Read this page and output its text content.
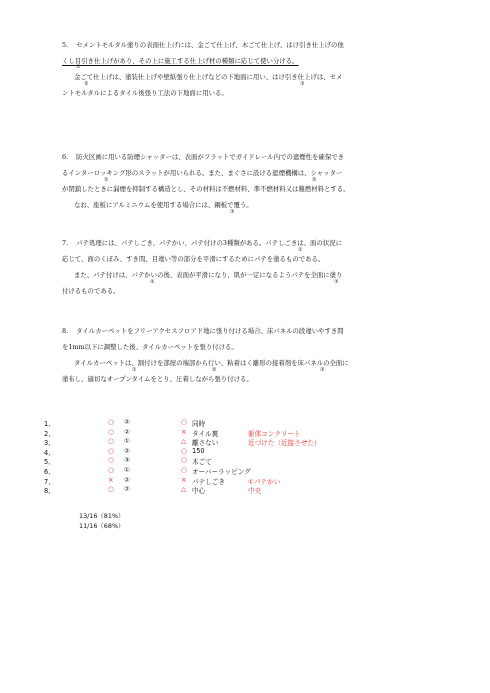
5. セメントモルタル塗りの表面仕上げには、金ごて仕上げ、木ごて仕上げ、はけ引き仕上げの他
くし目引き仕上げがあり、その上に施工する仕上げ材の種類に応じて使い分ける。
①
金ごて仕上げは、塗装仕上げや壁紙張り仕上げなどの下地面に用い、はけ引き仕上げは、セメ
②	③
ントモルタルによるタイル後張り工法の下地面に用いる。
6. 防火区画に用いる防煙シャッターは、表面がフラットでガイドレール内での遮煙性を確保でき
るインターロッキング形のスラットが用いられる。また、まぐさに設ける遮煙機構は、シャッター
①	②
が閉鎖したときに漏煙を抑制する構造とし、その材料は不燃材料、準不燃材料又は難燃材料とする。
なお、座板にアルミニウムを使用する場合には、鋼板で覆う。
③
7. パテ処理には、パテしごき、パテかい、パテ付けの3種類がある。パテしごきは、面の状況に
①
応じて、面のくぼみ、すき間、目違い等の部分を平滑にするためにパテを塗るものである。
また、パテ付けは、パテかいの後、表面が平滑になり、肌が一定になるようパテを全面に塗り
②	③
付けるものである。
8. タイルカーペットをフリーアクセスフロアド地に張り付ける場合、床パネルの段違いやすき間
を1mm以下に調整した後、タイルカーペットを張り付ける。
タイルカーペットは、割付けを部屋の端部から行い、粘着はく離形の接着剤を床パネルの全面に
①	②	③
塗布し、適切なオープンタイムをとり、圧着しながら張り付ける。
1、	○ ②	○ 同時
2、	○ ②	× タイル裏	躯体コンクリート
3、	○ ①	△ 離さない	近づけた（近接させた）
4、	○ ②	○ 150
5、	○ ③	○ 木ごて
6、	○ ①	○ オーバーラッピング
7、	× ②	× パテしごき	①パテかい
8、	○ ②	△ 中心	中央
13/16（81%）
11/16（68%）
